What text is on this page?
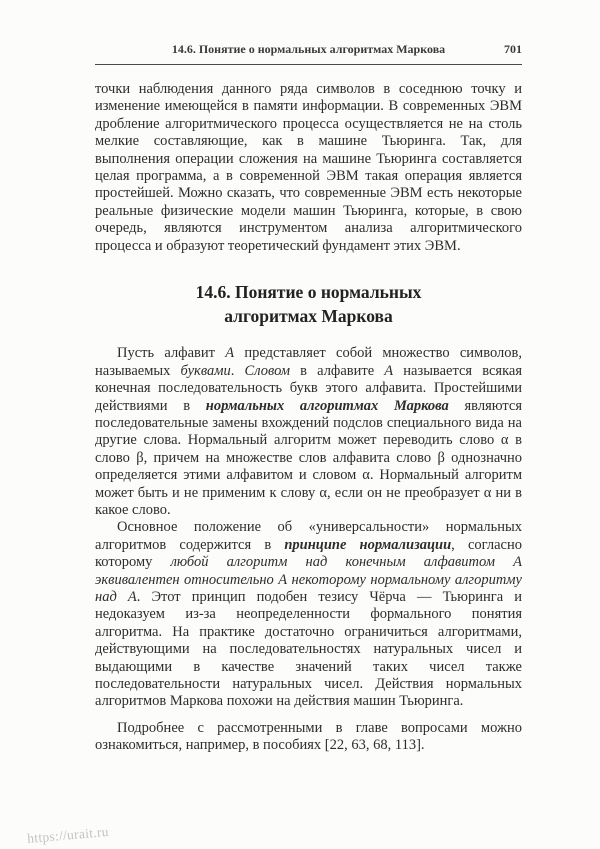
14.6. Понятие о нормальных алгоритмах Маркова	701

точки наблюдения данного ряда символов в соседнюю точку и изменение имеющейся в памяти информации. В современных ЭВМ дробление алгоритмического процесса осуществляется не на столь мелкие составляющие, как в машине Тьюринга. Так, для выполнения операции сложения на машине Тьюринга составляется целая программа, а в современной ЭВМ такая операция является простейшей. Можно сказать, что современные ЭВМ есть некоторые реальные физические модели машин Тьюринга, которые, в свою очередь, являются инструментом анализа алгоритмического процесса и образуют теоретический фундамент этих ЭВМ.

14.6. Понятие о нормальных
алгоритмах Маркова

Пусть алфавит А представляет собой множество символов, называемых буквами. Словом в алфавите А называется всякая конечная последовательность букв этого алфавита. Простейшими действиями в нормальных алгоритмах Маркова являются последовательные замены вхождений подслов специального вида на другие слова. Нормальный алгоритм может переводить слово α в слово β, причем на множестве слов алфавита слово β однозначно определяется этими алфавитом и словом α. Нормальный алгоритм может быть и не применим к слову α, если он не преобразует α ни в какое слово.

Основное положение об «универсальности» нормальных алгоритмов содержится в принципе нормализации, согласно которому любой алгоритм над конечным алфавитом А эквивалентен относительно А некоторому нормальному алгоритму над А. Этот принцип подобен тезису Чёрча — Тьюринга и недоказуем из-за неопределенности формального понятия алгоритма. На практике достаточно ограничиться алгоритмами, действующими на последовательностях натуральных чисел и выдающими в качестве значений таких чисел также последовательности натуральных чисел. Действия нормальных алгоритмов Маркова похожи на действия машин Тьюринга.

Подробнее с рассмотренными в главе вопросами можно ознакомиться, например, в пособиях [22, 63, 68, 113].

https://urait.ru
